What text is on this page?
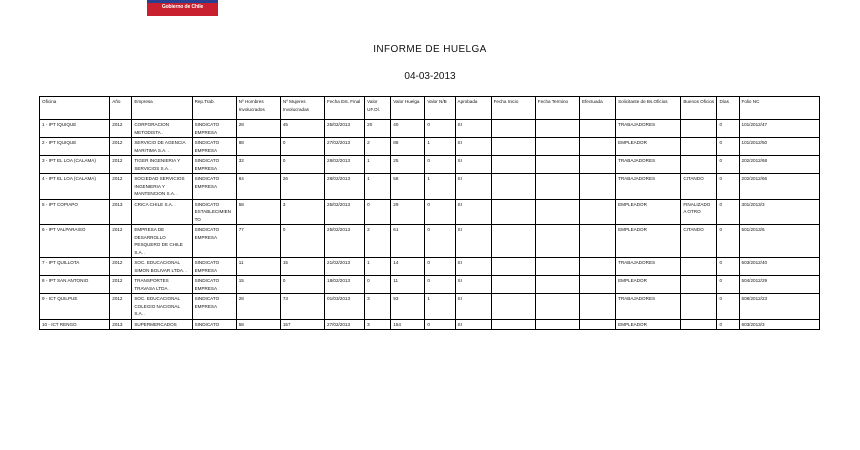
Gobierno de Chile
INFORME DE HUELGA
04-03-2013
Oficina	Año	Empresa	Rep.Trab.	Nº Hombres Involucrados	Nº Mujeres Involucradas	Fecha Est. Final	Valor UF.Ol.	Valor Huelga	Valor N/B	Aprobada	Fecha Inicio	Fecha Termino	Efectuada	Solicitante de Bs.Oficios	Buenos Oficios	Días	Folio NC
1 - IPT IQUIQUE	2012	CORPORACION METODISTA .	SINDICATO EMPRESA	28	45	25/02/2013	20	40	0	SI				TRABAJADORES		0	101/2012/47
2 - IPT IQUIQUE	2012	SERVICIO DE AGENCIA MARITIMA S.A. .	SINDICATO EMPRESA	88	0	27/02/2013	2	88	1	SI				EMPLEADOR		0	101/2012/50
3 - IPT EL LOA (CALAMA)	2012	TIGER INGENIERIA Y SERVICIOS S.A. .	SINDICATO EMPRESA	32	0	28/02/2013	1	25	0	SI				TRABAJADORES		0	202/2012/68
4 - IPT EL LOA (CALAMA)	2012	SOCIEDAD SERVICIOS INGENIERIA Y MANTENCION S.A. .	SINDICATO EMPRESA	84	26	28/02/2013	1	58	1	SI				TRABAJADORES	CITANDO	0	202/2012/66
5 - IPT COPIAPO	2013	CRICA CHILE S.A. .	SINDICATO ESTABLECIMIENTO	58	3	25/02/2013	0	29	0	SI				EMPLEADOR	FINALIZADO A OTRO	0	301/2013/3
6 - IPT VALPARAISO	2012	EMPRESA DE DESARROLLO PESQUERO DE CHILE S.A. .	SINDICATO EMPRESA	77	0	25/02/2013	2	61	0	SI				EMPLEADOR	CITANDO	0	501/2013/6
7 - IPT QUILLOTA	2012	SOC. EDUCACIONAL SIMON BOLIVAR LTDA. .	SINDICATO EMPRESA	11	15	21/02/2013	1	14	0	SI				TRABAJADORES		0	503/2012/40
8 - IPT SAN ANTONIO	2012	TRANSPORTES TRAVASA LTDA .	SINDICATO EMPRESA	15	0	18/02/2013	0	11	0	SI				EMPLEADOR		0	504/2012/29
9 - ICT QUILPUE	2012	SOC. EDUCACIONAL COLEGIO NACIONAL S.A. .	SINDICATO EMPRESA	28	73	01/03/2013	3	93	1	SI				TRABAJADORES		0	508/2012/23
10 - ICT RENGO	2013	SUPERMERCADOS	SINDICATO	58	157	27/02/2013	3	154	0	SI				EMPLEADOR		0	603/2013/3
